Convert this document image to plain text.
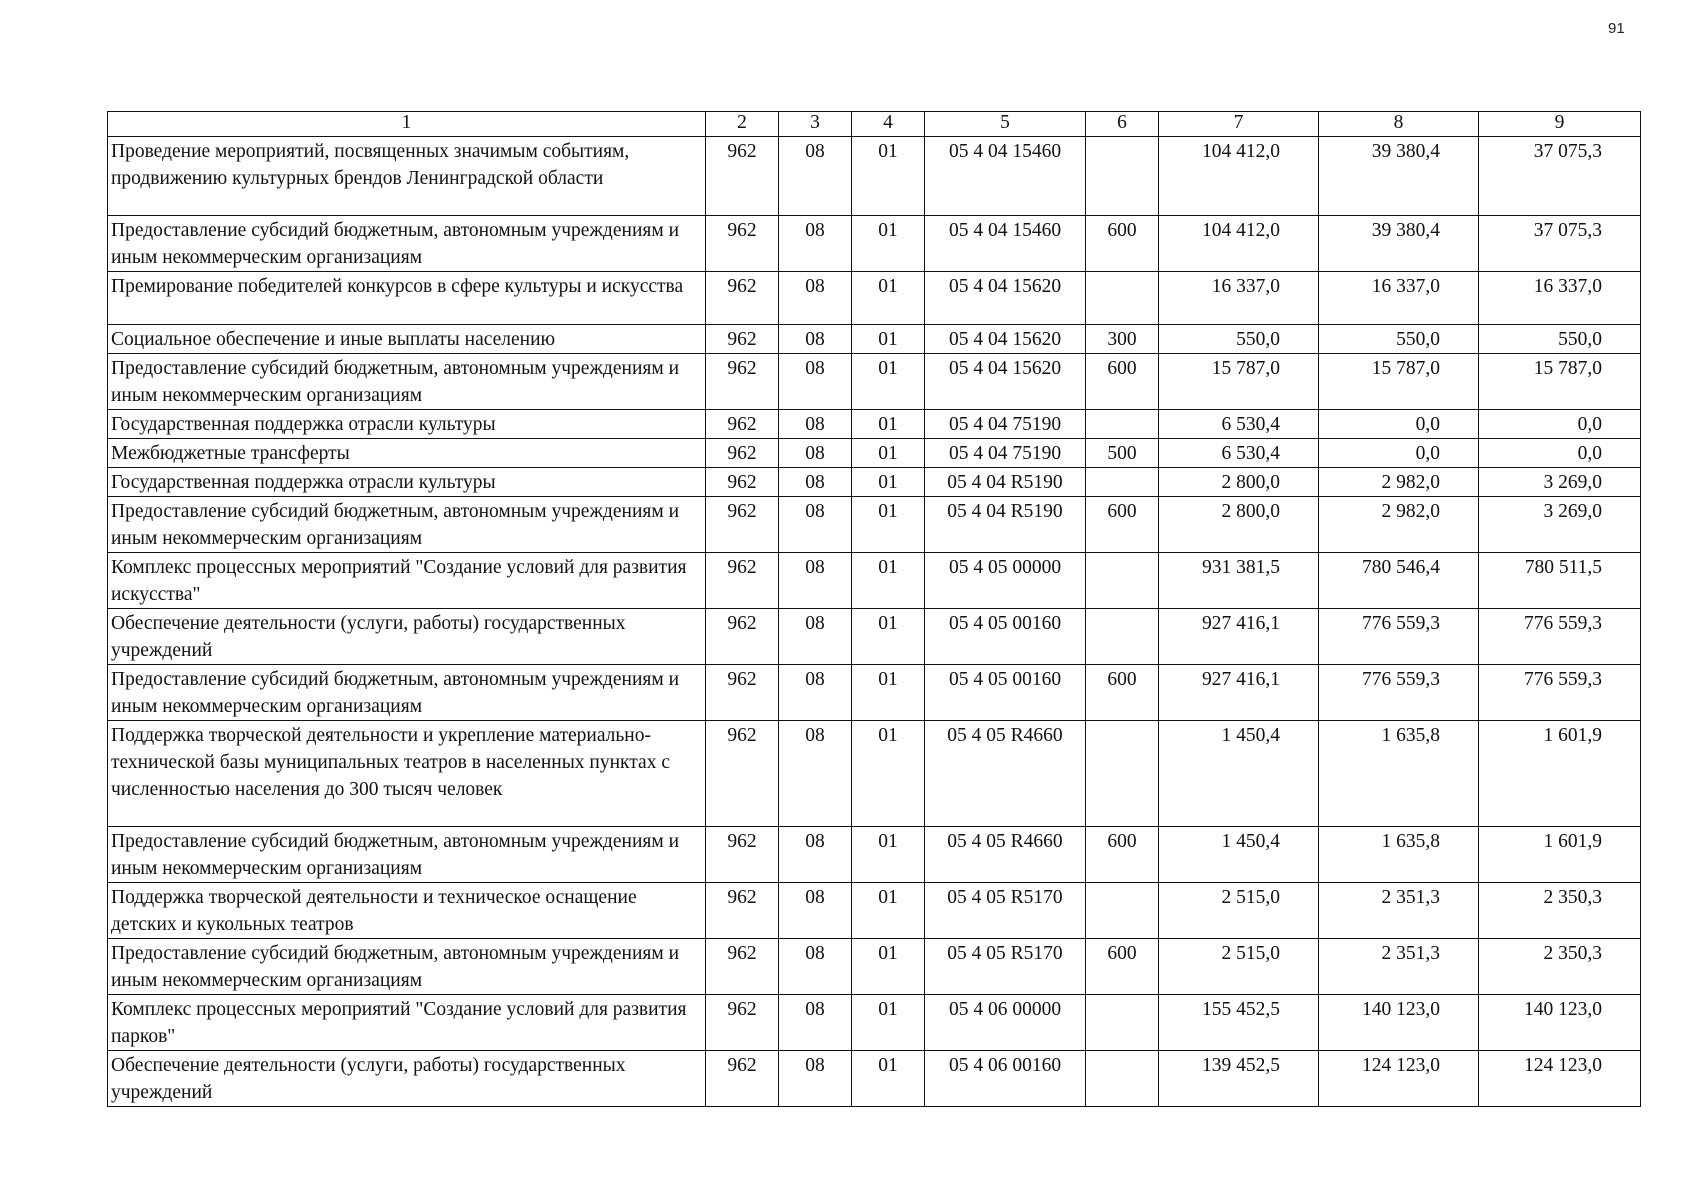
91
1	2	3	4	5	6	7	8	9
Проведение мероприятий, посвященных значимым событиям, продвижению культурных брендов Ленинградской области	962	08	01	05 4 04 15460		104 412,0	39 380,4	37 075,3
Предоставление субсидий бюджетным, автономным учреждениям и иным некоммерческим организациям	962	08	01	05 4 04 15460	600	104 412,0	39 380,4	37 075,3
Премирование победителей конкурсов в сфере культуры и искусства	962	08	01	05 4 04 15620		16 337,0	16 337,0	16 337,0
Социальное обеспечение и иные выплаты населению	962	08	01	05 4 04 15620	300	550,0	550,0	550,0
Предоставление субсидий бюджетным, автономным учреждениям и иным некоммерческим организациям	962	08	01	05 4 04 15620	600	15 787,0	15 787,0	15 787,0
Государственная поддержка отрасли культуры	962	08	01	05 4 04 75190		6 530,4	0,0	0,0
Межбюджетные трансферты	962	08	01	05 4 04 75190	500	6 530,4	0,0	0,0
Государственная поддержка отрасли культуры	962	08	01	05 4 04 R5190		2 800,0	2 982,0	3 269,0
Предоставление субсидий бюджетным, автономным учреждениям и иным некоммерческим организациям	962	08	01	05 4 04 R5190	600	2 800,0	2 982,0	3 269,0
Комплекс процессных мероприятий "Создание условий для развития искусства"	962	08	01	05 4 05 00000		931 381,5	780 546,4	780 511,5
Обеспечение деятельности (услуги, работы) государственных учреждений	962	08	01	05 4 05 00160		927 416,1	776 559,3	776 559,3
Предоставление субсидий бюджетным, автономным учреждениям и иным некоммерческим организациям	962	08	01	05 4 05 00160	600	927 416,1	776 559,3	776 559,3
Поддержка творческой деятельности и укрепление материально-технической базы муниципальных театров в населенных пунктах с численностью населения до 300 тысяч человек	962	08	01	05 4 05 R4660		1 450,4	1 635,8	1 601,9
Предоставление субсидий бюджетным, автономным учреждениям и иным некоммерческим организациям	962	08	01	05 4 05 R4660	600	1 450,4	1 635,8	1 601,9
Поддержка творческой деятельности и техническое оснащение детских и кукольных театров	962	08	01	05 4 05 R5170		2 515,0	2 351,3	2 350,3
Предоставление субсидий бюджетным, автономным учреждениям и иным некоммерческим организациям	962	08	01	05 4 05 R5170	600	2 515,0	2 351,3	2 350,3
Комплекс процессных мероприятий "Создание условий для развития парков"	962	08	01	05 4 06 00000		155 452,5	140 123,0	140 123,0
Обеспечение деятельности (услуги, работы) государственных учреждений	962	08	01	05 4 06 00160		139 452,5	124 123,0	124 123,0
